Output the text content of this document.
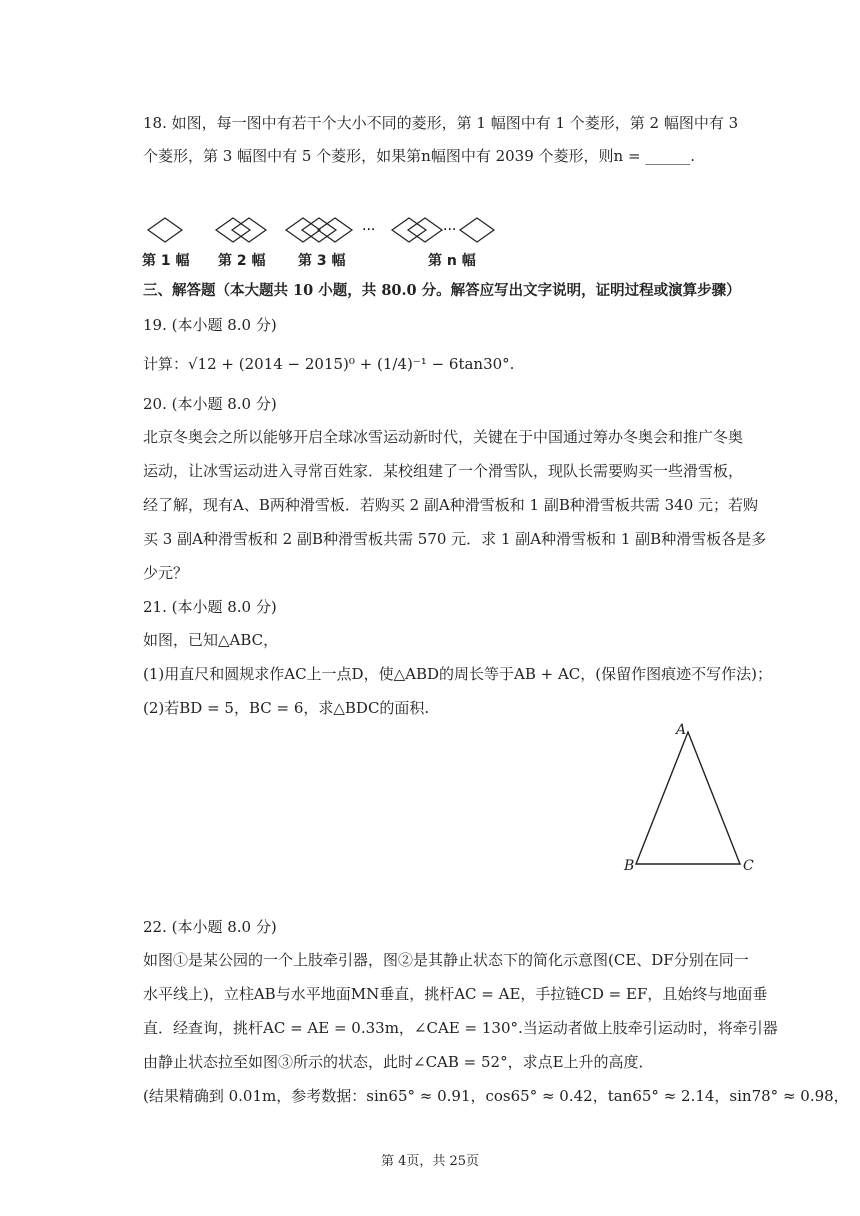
18. 如图，每一图中有若干个大小不同的菱形，第 1 幅图中有 1 个菱形，第 2 幅图中有 3
个菱形，第 3 幅图中有 5 个菱形，如果第n幅图中有 2039 个菱形，则n = ______.
···	···
第 1 幅 第 2 幅 第 3 幅	第 n 幅
三、解答题（本大题共 10 小题，共 80.0 分。解答应写出文字说明，证明过程或演算步骤）
19. (本小题 8.0 分)
计算：√12 + (2014 − 2015)⁰ + (1/4)⁻¹ − 6tan30°.
20. (本小题 8.0 分)
北京冬奥会之所以能够开启全球冰雪运动新时代，关键在于中国通过筹办冬奥会和推广冬奥
运动，让冰雪运动进入寻常百姓家．某校组建了一个滑雪队，现队长需要购买一些滑雪板，
经了解，现有A、B两种滑雪板．若购买 2 副A种滑雪板和 1 副B种滑雪板共需 340 元；若购
买 3 副A种滑雪板和 2 副B种滑雪板共需 570 元．求 1 副A种滑雪板和 1 副B种滑雪板各是多
少元？
21. (本小题 8.0 分)
如图，已知△ABC，
(1)用直尺和圆规求作AC上一点D，使△ABD的周长等于AB + AC，(保留作图痕迹不写作法)；
(2)若BD = 5，BC = 6，求△BDC的面积.
A
B	C
22. (本小题 8.0 分)
如图①是某公园的一个上肢牵引器，图②是其静止状态下的简化示意图(CE、DF分别在同一
水平线上)，立柱AB与水平地面MN垂直，挑杆AC = AE，手拉链CD = EF，且始终与地面垂
直．经查询，挑杆AC = AE = 0.33m，∠CAE = 130°.当运动者做上肢牵引运动时，将牵引器
由静止状态拉至如图③所示的状态，此时∠CAB = 52°，求点E上升的高度．
(结果精确到 0.01m，参考数据：sin65° ≈ 0.91，cos65° ≈ 0.42，tan65° ≈ 2.14，sin78° ≈ 0.98，
第 4页，共 25页
